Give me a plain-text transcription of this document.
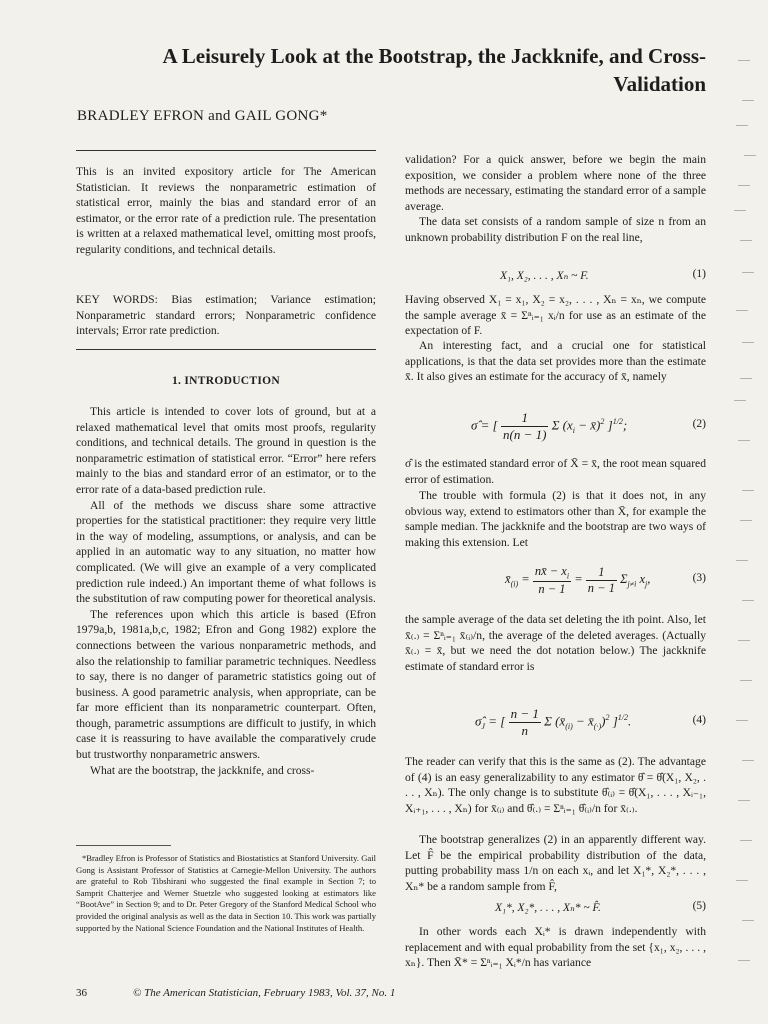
A Leisurely Look at the Bootstrap, the Jackknife, and Cross-Validation
BRADLEY EFRON and GAIL GONG*
This is an invited expository article for The American Statistician. It reviews the nonparametric estimation of statistical error, mainly the bias and standard error of an estimator, or the error rate of a prediction rule. The presentation is written at a relaxed mathematical level, omitting most proofs, regularity conditions, and technical details.
KEY WORDS: Bias estimation; Variance estimation; Nonparametric standard errors; Nonparametric confidence intervals; Error rate prediction.
1. INTRODUCTION

This article is intended to cover lots of ground, but at a relaxed mathematical level that omits most proofs, regularity conditions, and technical details. The ground in question is the nonparametric estimation of statistical error. “Error” here refers mainly to the bias and standard error of an estimator, or to the error rate of a data-based prediction rule.

All of the methods we discuss share some attractive properties for the statistical practitioner: they require very little in the way of modeling, assumptions, or analysis, and can be applied in an automatic way to any situation, no matter how complicated. (We will give an example of a very complicated prediction rule indeed.) An important theme of what follows is the substitution of raw computing power for theoretical analysis.

The references upon which this article is based (Efron 1979a,b, 1981a,b,c, 1982; Efron and Gong 1982) explore the connections between the various nonparametric methods, and also the relationship to familiar parametric techniques. Needless to say, there is no danger of parametric statistics going out of business. A good parametric analysis, when appropriate, can be far more efficient than its nonparametric counterpart. Often, though, parametric assumptions are difficult to justify, in which case it is reassuring to have available the comparatively crude but trustworthy nonparametric answers.

What are the bootstrap, the jackknife, and cross-

*Bradley Efron is Professor of Statistics and Biostatistics at Stanford University. Gail Gong is Assistant Professor of Statistics at Carnegie-Mellon University. The authors are grateful to Rob Tibshirani who suggested the final example in Section 7; to Samprit Chatterjee and Werner Stuetzle who suggested looking at estimators like “BootAve” in Section 9; and to Dr. Peter Gregory of the Stanford Medical School who provided the original analysis as well as the data in Section 10. This work was partially supported by the National Science Foundation and the National Institutes of Health.

validation? For a quick answer, before we begin the main exposition, we consider a problem where none of the three methods are necessary, estimating the standard error of a sample average.
The data set consists of a random sample of size n from an unknown probability distribution F on the real line,
X₁, X₂, . . . , Xₙ ~ F.	(1)
Having observed X₁ = x₁, X₂ = x₂, . . . , Xₙ = xₙ, we compute the sample average x̄ = Σⁿᵢ₌₁ xᵢ/n for use as an estimate of the expectation of F.
An interesting fact, and a crucial one for statistical applications, is that the data set provides more than the estimate x̄. It also gives an estimate for the accuracy of x̄, namely
σ̂ = [ $\frac{1}{n(n - 1)}$ Σ ($x_i$ − x̄)$^2$ ]$^{1/2}$;	(2)
σ̂ is the estimated standard error of X̄ = x̄, the root mean squared error of estimation.
The trouble with formula (2) is that it does not, in any obvious way, extend to estimators other than X̄, for example the sample median. The jackknife and the bootstrap are two ways of making this extension. Let
$x̄_{(i)} = \frac{nx̄ - x_i}{n - 1} = \frac{1}{n - 1} \Sigma_{j\ne i}$ $x_j$,	(3)
the sample average of the data set deleting the ith point. Also, let x̄₍.₎ = Σⁿᵢ₌₁ x̄₍ᵢ₎/n, the average of the deleted averages. (Actually x̄₍.₎ = x̄, but we need the dot notation below.) The jackknife estimate of standard error is
$\sigmâ_J$ = [ $\frac{n - 1}{n}$ Σ ($x̄_{(i)}$ − $x̄_{(\cdot)})^2$ ]$^{1/2}$.	(4)
The reader can verify that this is the same as (2). The advantage of (4) is an easy generalizability to any estimator θ̂ = θ̂(X₁, X₂, . . . , Xₙ). The only change is to substitute θ̂₍ᵢ₎ = θ̂(X₁, . . . , Xᵢ₋₁, Xᵢ₊₁, . . . , Xₙ) for x̄₍ᵢ₎ and θ̂₍.₎ = Σⁿᵢ₌₁ θ̂₍ᵢ₎/n for x̄₍.₎.
The bootstrap generalizes (2) in an apparently different way. Let F̂ be the empirical probability distribution of the data, putting probability mass 1/n on each xᵢ, and let X₁*, X₂*, . . . , Xₙ* be a random sample from F̂,
X₁*, X₂*, . . . , Xₙ* ~ F̂.	(5)
In other words each Xᵢ* is drawn independently with replacement and with equal probability from the set {x₁, x₂, . . . , xₙ}. Then X̄* = Σⁿᵢ₌₁ Xᵢ*/n has variance
36	© The American Statistician, February 1983, Vol. 37, No. 1
